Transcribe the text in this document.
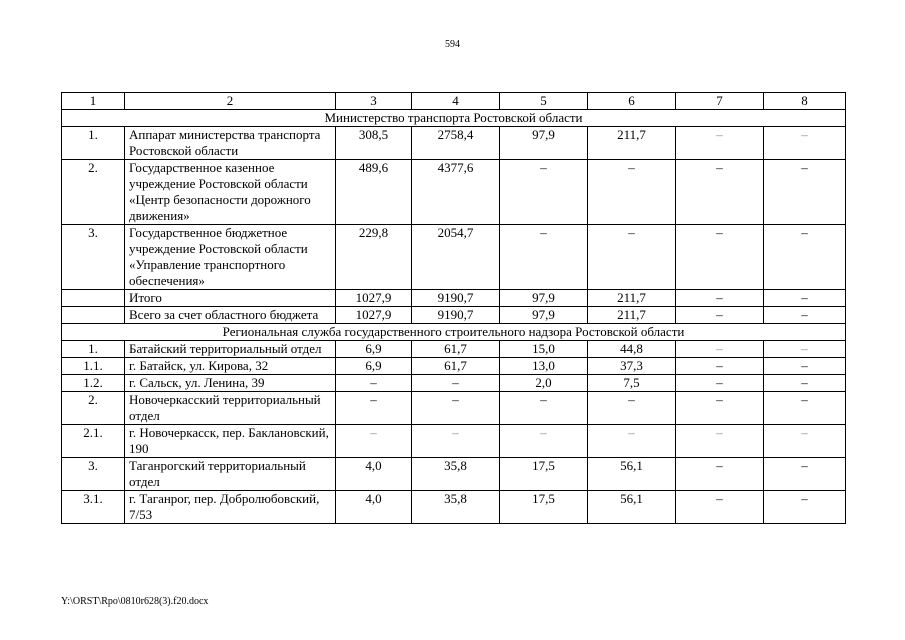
594
1	2	3	4	5	6	7	8
Министерство транспорта Ростовской области							
1.	Аппарат министерства транспорта Ростовской области	308,5	2758,4	97,9	211,7	–	–
2.	Государственное казенное учреждение Ростовской области «Центр безопасности дорожного движения»	489,6	4377,6	–	–	–	–
3.	Государственное бюджетное учреждение Ростовской области «Управление транспортного обеспечения»	229,8	2054,7	–	–	–	–
	Итого	1027,9	9190,7	97,9	211,7	–	–
	Всего за счет областного бюджета	1027,9	9190,7	97,9	211,7	–	–
Региональная служба государственного строительного надзора Ростовской области							
1.	Батайский территориальный отдел	6,9	61,7	15,0	44,8	–	–
1.1.	г. Батайск, ул. Кирова, 32	6,9	61,7	13,0	37,3	–	–
1.2.	г. Сальск, ул. Ленина, 39	–	–	2,0	7,5	–	–
2.	Новочеркасский территориальный отдел	–	–	–	–	–	–
2.1.	г. Новочеркасск, пер. Баклановский, 190	–	–	–	–	–	–
3.	Таганрогский территориальный отдел	4,0	35,8	17,5	56,1	–	–
3.1.	г. Таганрог, пер. Добролюбовский, 7/53	4,0	35,8	17,5	56,1	–	–
Y:\ORST\Rpo\0810r628(3).f20.docx
